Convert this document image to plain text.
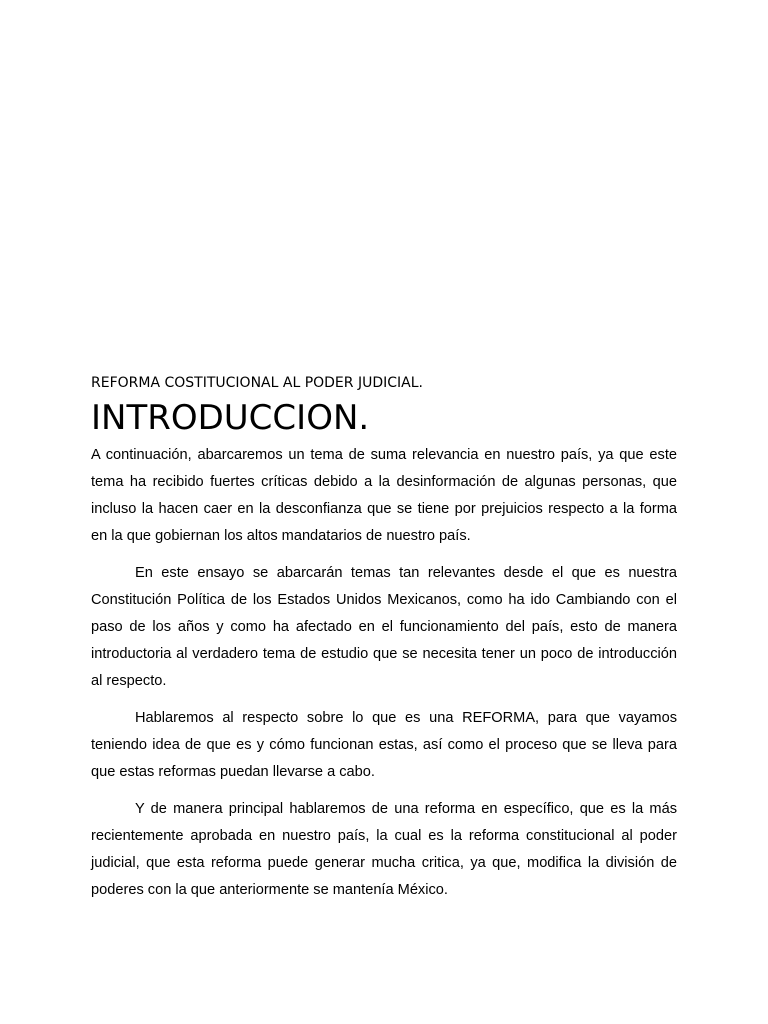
REFORMA COSTITUCIONAL AL PODER JUDICIAL.

INTRODUCCION.

A continuación, abarcaremos un tema de suma relevancia en nuestro país, ya que este tema ha recibido fuertes críticas debido a la desinformación de algunas personas, que incluso la hacen caer en la desconfianza que se tiene por prejuicios respecto a la forma en la que gobiernan los altos mandatarios de nuestro país.

En este ensayo se abarcarán temas tan relevantes desde el que es nuestra Constitución Política de los Estados Unidos Mexicanos, como ha ido Cambiando con el paso de los años y como ha afectado en el funcionamiento del país, esto de manera introductoria al verdadero tema de estudio que se necesita tener un poco de introducción al respecto.

Hablaremos al respecto sobre lo que es una REFORMA, para que vayamos teniendo idea de que es y cómo funcionan estas, así como el proceso que se lleva para que estas reformas puedan llevarse a cabo.

Y de manera principal hablaremos de una reforma en específico, que es la más recientemente aprobada en nuestro país, la cual es la reforma constitucional al poder judicial, que esta reforma puede generar mucha critica, ya que, modifica la división de poderes con la que anteriormente se mantenía México.
